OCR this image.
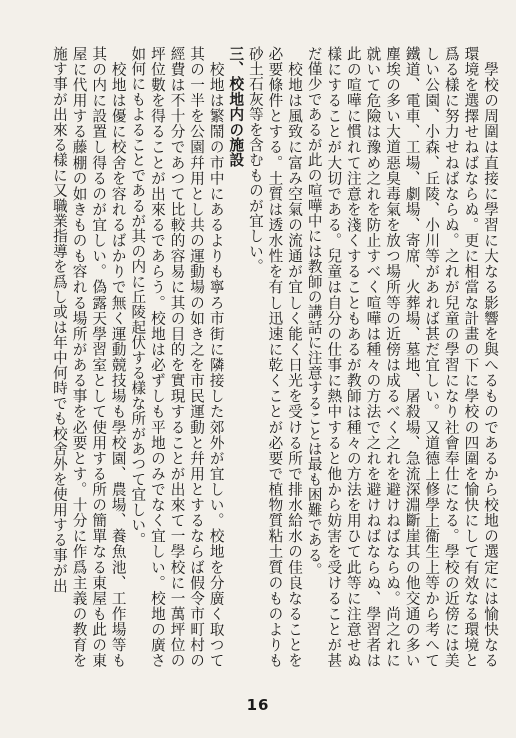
　學校の周圍は直接に學習に大なる影響を與へるものであるから校地の選定には愉快なる環境を選擇せねばならぬ。更に相當な計畫の下に學校の四圍を愉快にして有效なる環境と爲る樣に努力せねばならぬ。之れが兒童の學習になり社會奉仕になる。學校の近傍には美しい公園、小森、丘陵、小川等があれば甚だ宜しい。又道德上修學上衞生上等から考へて鐵道、電車、工場、劇場、寄席、火葬場、墓地、屠殺場、急流深淵斷崖其の他交通の多い塵埃の多い大道惡臭毒氣を放つ場所等の近傍は成るべく之れを避けねばならぬ。尚之れに就いて危險は豫め之れを防止すべく喧嘩は種々の方法で之れを避けねばならぬ、學習者は此の喧嘩に慣れて注意を淺くすることもあるが教師は種々の方法を用ひて此等に注意せぬ樣にすることが大切である。兒童は自分の仕事に熱中すると他から妨害を受けることが甚だ僅少であるが此の喧嘩中には教師の講話に注意することは最も困難である。

　校地は風致に富み空氣の流通が宜しく能く日光を受ける所で排水給水の佳良なることを必要條件とする。土質は透水性を有し迅速に乾くことが必要で植物質粘土質のものよりも砂土石灰等を含むものが宜しい。

三、校地内の施設

　校地は繁鬧の市中にあるよりも寧ろ市街に隣接した郊外が宜しい。校地を分廣く取つて其の一半を公園幷用とし共の運動場の如き之を市民運動と幷用とするならば假令市町村の經費は不十分であつて比較的容易に其の目的を實現することが出來て一學校に一萬坪位の坪位數を得ることが出來るであらう。校地は必ずしも平地のみでなく宜しい。校地の廣さ如何にもよることであるが其の内に丘陵起伏する樣な所があつて宜しい。

　校地は優に校舍を容れるばかりで無く運動競技場も學校園、農場、養魚池、工作場等も其の内に設置し得るのが宜しい。偽露天學習室として使用する所の簡單なる東屋も此の東屋に代用する藤棚の如きものも容れる場所がある事を必要とす。十分に作爲主義の教育を施す事が出來る樣に又職業指導を爲し或は年中何時でも校舍外を使用する事が出

16
